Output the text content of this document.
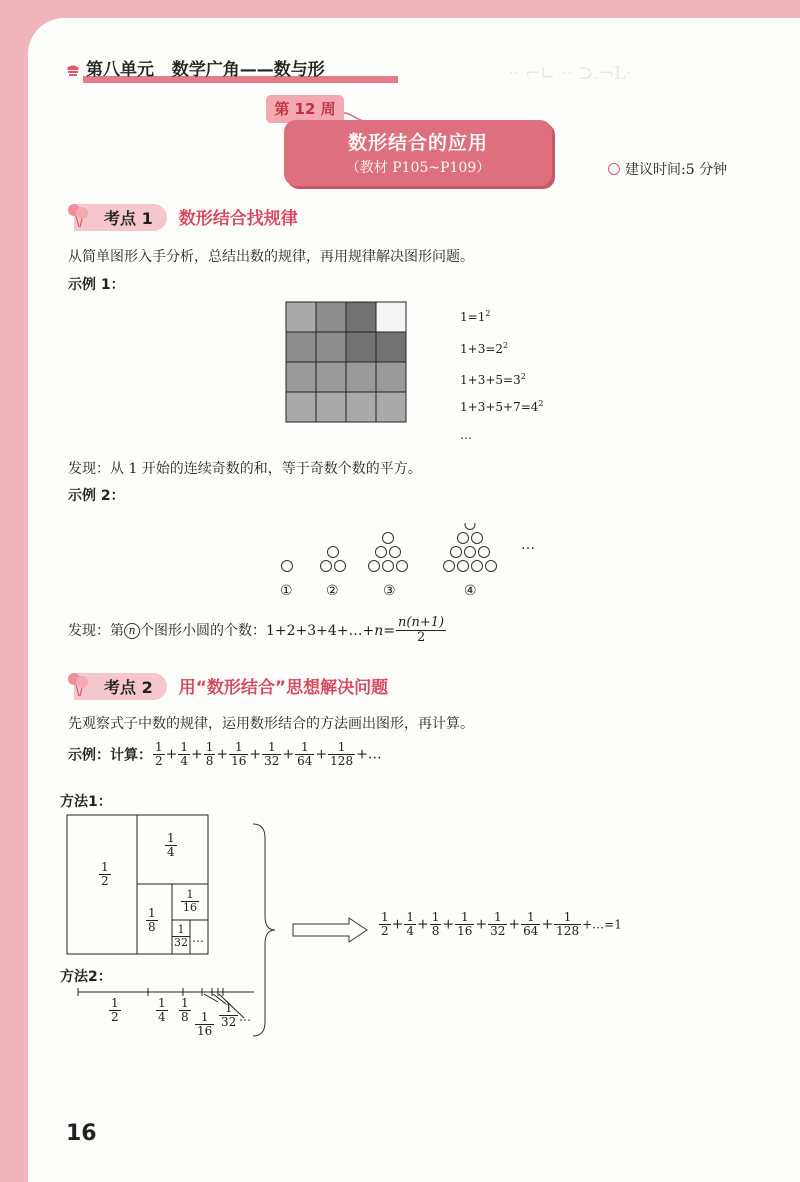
·· ⌐∟ ·· ⊃.¬L·
第八单元 数学广角——数与形
第 12 周
数形结合的应用
（教材 P105~P109）	建议时间:5 分钟
考点 1 数形结合找规律
从简单图形入手分析，总结出数的规律，再用规律解决图形问题。
示例 1：
$1=1^2$
$1+3=2^2$
$1+3+5=3^2$
$1+3+5+7=4^2$
…
发现：从 1 开始的连续奇数的和，等于奇数个数的平方。
示例 2：
…
① ②	③	④
发现：第 n 个图形小圆的个数：1+2+3+4+…+n= $\frac{n(n+1)}{2}$
考点 2 用“数形结合”思想解决问题
先观察式子中数的规律，运用数形结合的方法画出图形，再计算。
示例：计算： $\frac{1}{2} + \frac{1}{4} + \frac{1}{8} + \frac{1}{16} + \frac{1}{32} + \frac{1}{64} + \frac{1}{128}$ +…
方法1：
$\frac{1}{2}$
$\frac{1}{4}$
$\frac{1}{8}$
$\frac{1}{16}$
$\frac{1}{32}$ …	$\frac{1}{2} + \frac{1}{4} + \frac{1}{8} + \frac{1}{16} + \frac{1}{32} + \frac{1}{64} + \frac{1}{128}$ +…=1
方法2：
$\frac{1}{2}$	$\frac{1}{4} \frac{1}{8}$
$\frac{1}{16} \frac{1}{32}$ …
16
